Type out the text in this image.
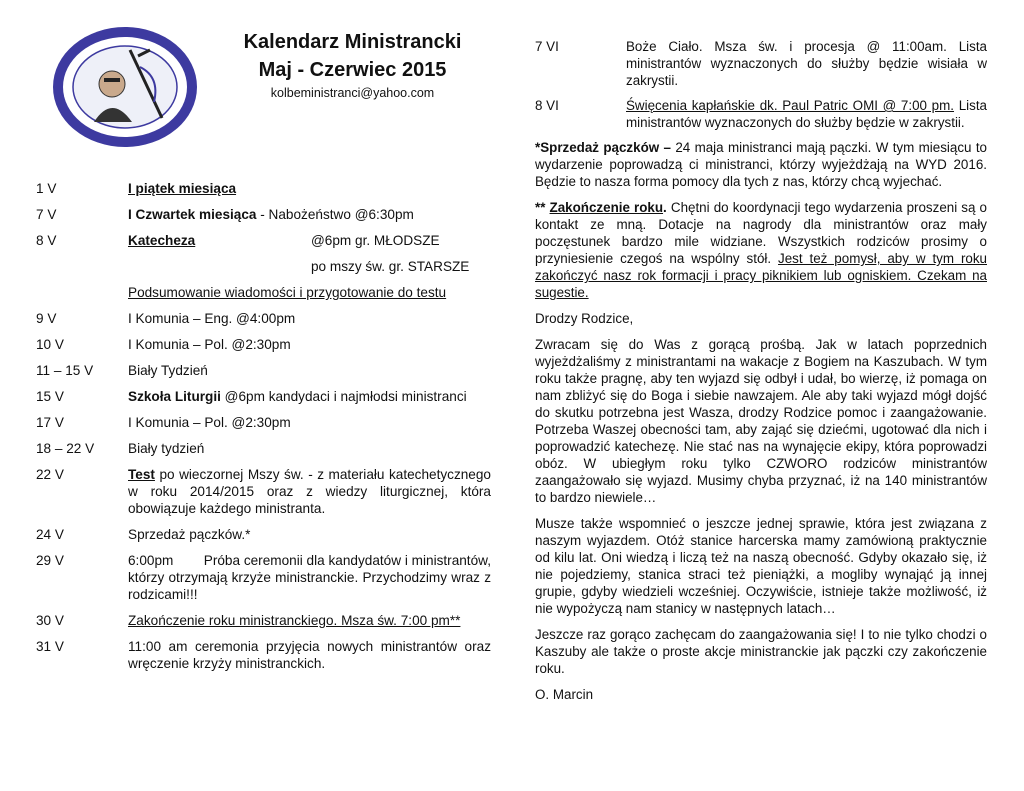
Kalendarz Ministrancki
Maj - Czerwiec 2015
kolbeministranci@yahoo.com
1 V	I piątek miesiąca
7 V	I Czwartek miesiąca - Nabożeństwo @6:30pm
8 V	Katecheza	@6pm gr. MŁODSZE
po mszy św. gr. STARSZE
Podsumowanie wiadomości i przygotowanie do testu
9 V	I Komunia – Eng. @4:00pm
10 V	I Komunia – Pol. @2:30pm
11 – 15 V	Biały Tydzień
15 V	Szkoła Liturgii @6pm kandydaci i najmłodsi ministranci
17 V	I Komunia – Pol. @2:30pm
18 – 22 V	Biały tydzień
22 V	Test po wieczornej Mszy św. - z materiału katechetycznego w roku 2014/2015 oraz z wiedzy liturgicznej, która obowiązuje każdego ministranta.
24 V	Sprzedaż pączków.*
29 V	6:00pm        Próba ceremonii dla kandydatów i ministrantów, którzy otrzymają krzyże ministranckie. Przychodzimy wraz z rodzicami!!!
30 V	Zakończenie roku ministranckiego. Msza św. 7:00 pm**
31 V	11:00 am ceremonia przyjęcia nowych ministrantów oraz wręczenie krzyży ministranckich.
7 VI	Boże Ciało. Msza św. i procesja @ 11:00am. Lista ministrantów wyznaczonych do służby będzie wisiała w zakrystii.
8 VI	Święcenia kapłańskie dk. Paul Patric OMI @ 7:00 pm. Lista ministrantów wyznaczonych do służby będzie w zakrystii.

*Sprzedaż pączków – 24 maja ministranci mają pączki. W tym miesiącu to wydarzenie poprowadzą ci ministranci, którzy wyjeżdżają na WYD 2016. Będzie to nasza forma pomocy dla tych z nas, którzy chcą wyjechać.

** Zakończenie roku. Chętni do koordynacji tego wydarzenia proszeni są o kontakt ze mną. Dotacje na nagrody dla ministrantów oraz mały poczęstunek bardzo mile widziane. Wszystkich rodziców prosimy o przyniesienie czegoś na wspólny stół. Jest też pomysł, aby w tym roku zakończyć nasz rok formacji i pracy piknikiem lub ogniskiem. Czekam na sugestie.

Drodzy Rodzice,

Zwracam się do Was z gorącą prośbą. Jak w latach poprzednich wyjeżdżaliśmy z ministrantami na wakacje z Bogiem na Kaszubach. W tym roku także pragnę, aby ten wyjazd się odbył i udał, bo wierzę, iż pomaga on nam zbliżyć się do Boga i siebie nawzajem. Ale aby taki wyjazd mógł dojść do skutku potrzebna jest Wasza, drodzy Rodzice pomoc i zaangażowanie. Potrzeba Waszej obecności tam, aby zająć się dziećmi, ugotować dla nich i poprowadzić katechezę. Nie stać nas na wynajęcie ekipy, która poprowadzi obóz. W ubiegłym roku tylko CZWORO rodziców ministrantów zaangażowało się wyjazd. Musimy chyba przyznać, iż na 140 ministrantów to bardzo niewiele…

Musze także wspomnieć o jeszcze jednej sprawie, która jest związana z naszym wyjazdem. Otóż stanice harcerska mamy zamówioną praktycznie od kilu lat. Oni wiedzą i liczą też na naszą obecność. Gdyby okazało się, iż nie pojedziemy, stanica straci też pieniążki, a mogliby wynająć ją innej grupie, gdyby wiedzieli wcześniej. Oczywiście, istnieje także możliwość, iż nie wypożyczą nam stanicy w następnych latach…

Jeszcze raz gorąco zachęcam do zaangażowania się! I to nie tylko chodzi o Kaszuby ale także o proste akcje ministranckie jak pączki czy zakończenie roku.

O. Marcin
